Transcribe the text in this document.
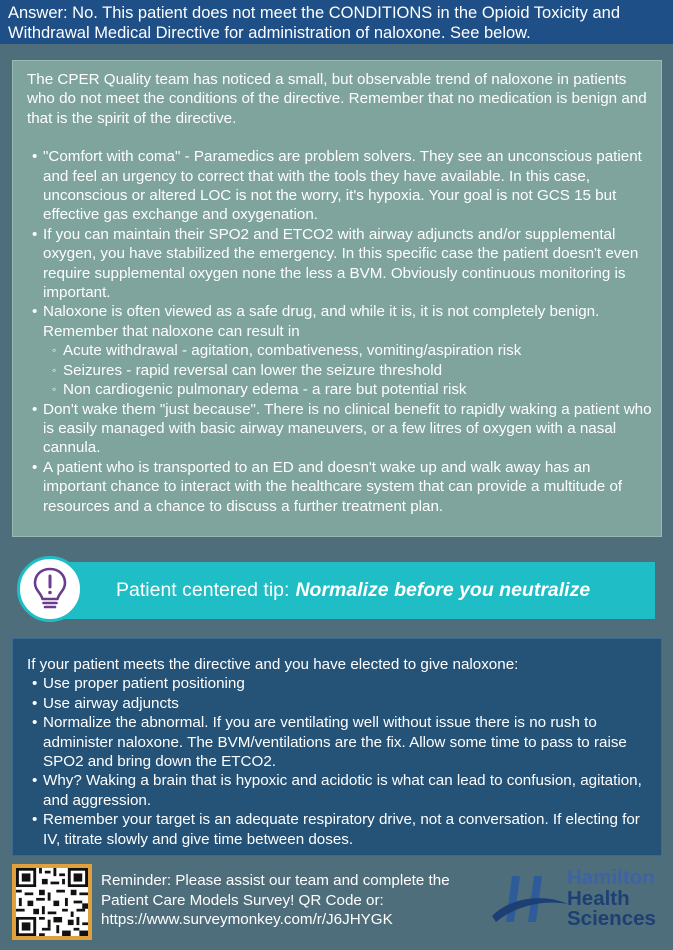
Answer: No. This patient does not meet the CONDITIONS in the Opioid Toxicity and Withdrawal Medical Directive for administration of naloxone. See below.

The CPER Quality team has noticed a small, but observable trend of naloxone in patients who do not meet the conditions of the directive. Remember that no medication is benign and that is the spirit of the directive.

• "Comfort with coma" - Paramedics are problem solvers. They see an unconscious patient and feel an urgency to correct that with the tools they have available. In this case, unconscious or altered LOC is not the worry, it's hypoxia. Your goal is not GCS 15 but effective gas exchange and oxygenation.
• If you can maintain their SPO2 and ETCO2 with airway adjuncts and/or supplemental oxygen, you have stabilized the emergency. In this specific case the patient doesn't even require supplemental oxygen none the less a BVM. Obviously continuous monitoring is important.
• Naloxone is often viewed as a safe drug, and while it is, it is not completely benign. Remember that naloxone can result in
◦ Acute withdrawal - agitation, combativeness, vomiting/aspiration risk
◦ Seizures - rapid reversal can lower the seizure threshold
◦ Non cardiogenic pulmonary edema - a rare but potential risk
• Don't wake them "just because". There is no clinical benefit to rapidly waking a patient who is easily managed with basic airway maneuvers, or a few litres of oxygen with a nasal cannula.
• A patient who is transported to an ED and doesn't wake up and walk away has an important chance to interact with the healthcare system that can provide a multitude of resources and a chance to discuss a further treatment plan.
Patient centered tip: Normalize before you neutralize

If your patient meets the directive and you have elected to give naloxone:

• Use proper patient positioning
• Use airway adjuncts
• Normalize the abnormal. If you are ventilating well without issue there is no rush to administer naloxone. The BVM/ventilations are the fix. Allow some time to pass to raise SPO2 and bring down the ETCO2.
• Why? Waking a brain that is hypoxic and acidotic is what can lead to confusion, agitation, and aggression.
• Remember your target is an adequate respiratory drive, not a conversation. If electing for IV, titrate slowly and give time between doses.

Reminder: Please assist our team and complete the Patient Care Models Survey! QR Code or: https://www.surveymonkey.com/r/J6JHYGK

Hamilton
Health
Sciences
